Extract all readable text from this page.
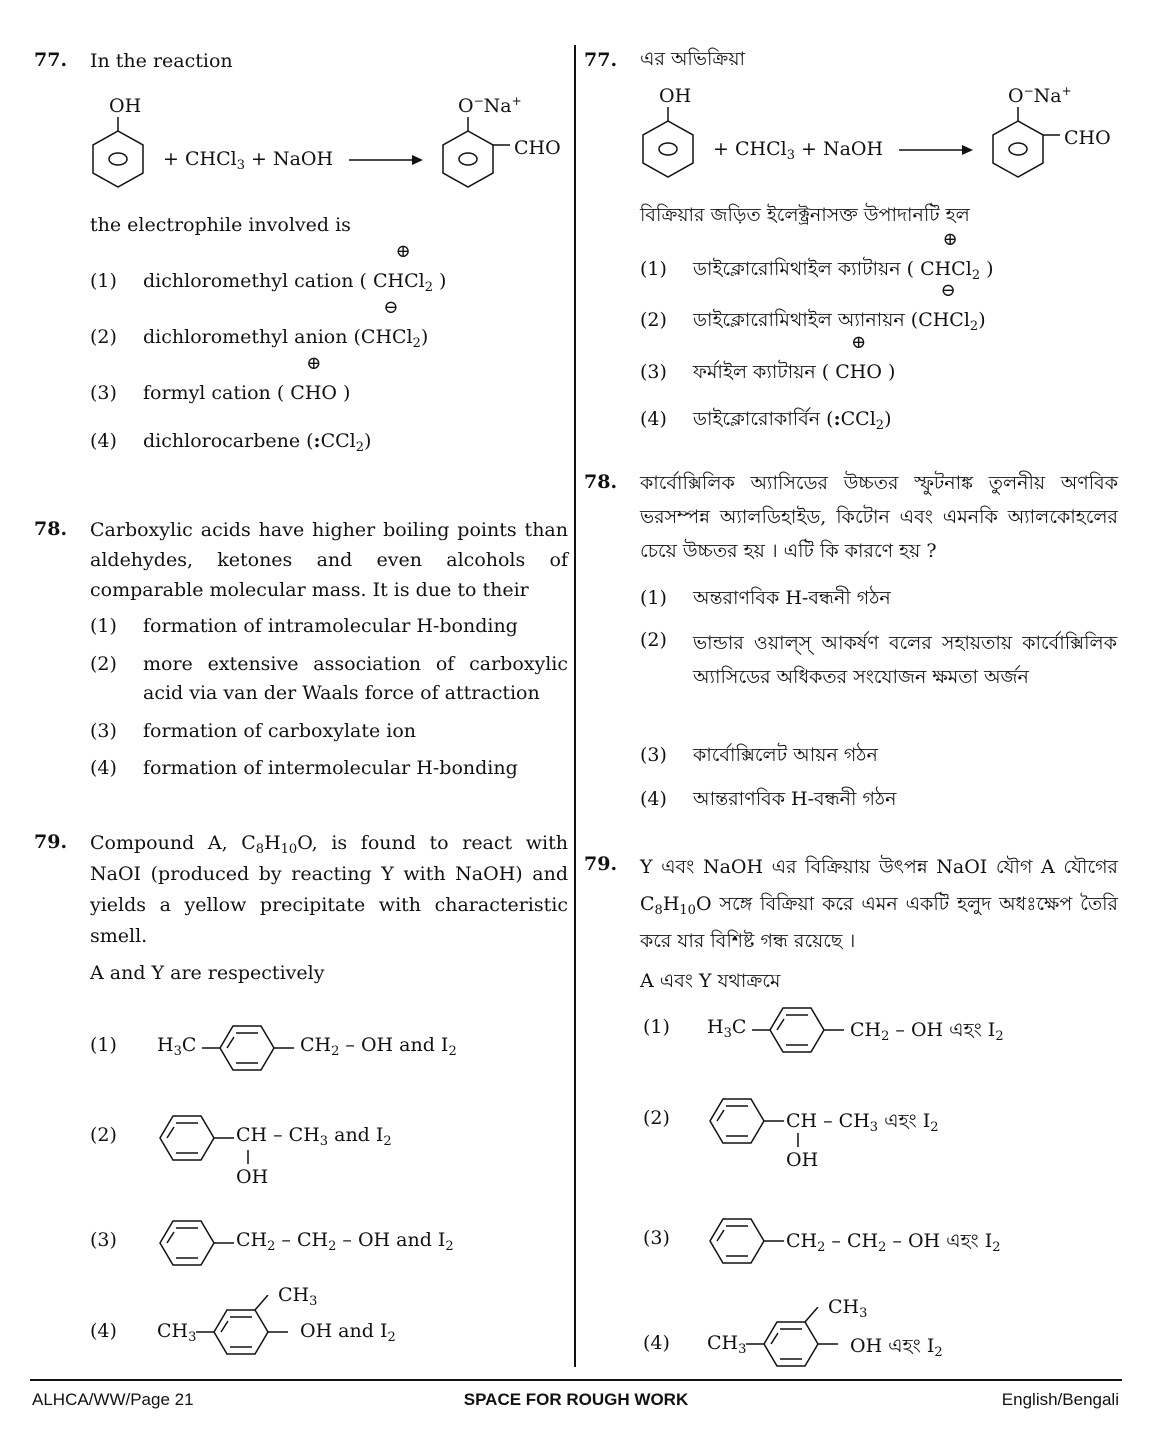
77. In the reaction
OH
+ CHCl$_3$ + NaOH
O−Na+
CHO
the electrophile involved is
(1)	dichloromethyl cation (
⊕
CHCl$_2$ )
(2)	dichloromethyl anion (
⊖
CHCl$_2$)
(3)	formyl cation (
⊕
CHO )
(4)	dichlorocarbene (:CCl$_2$)
78. Carboxylic acids have higher boiling points than aldehydes, ketones and even alcohols of comparable molecular mass. It is due to their
(1)	formation of intramolecular H-bonding
(2)	more extensive association of carboxylic acid via van der Waals force of attraction
(3)	formation of carboxylate ion
(4)	formation of intermolecular H-bonding
79. Compound A, $C_8H_{10}O$, is found to react with NaOI (produced by reacting Y with NaOH) and yields a yellow precipitate with characteristic smell.
A and Y are respectively
(1) $H_3C$	$CH_2$ – OH and $I_2$
(2)	CH – $CH_3$ and $I_2$
OH
(3)	$CH_2 - CH_2$ – OH and $I_2$
(4) $CH_3$
$CH_3$
OH and $I_2$
77. এর অভিক্রিয়া
OH
+ CHCl$_3$ + NaOH
O−Na+
CHO
বিক্রিয়ার জড়িত ইলেক্ট্রনাসক্ত উপাদানটি হল
(1)	ডাইক্লোরোমিথাইল ক্যাটায়ন (
⊕
CHCl$_2$ )
(2)	ডাইক্লোরোমিথাইল অ্যানায়ন (
⊖
CHCl$_2$)
(3)	ফর্মাইল ক্যাটায়ন (
⊕
CHO )
(4)	ডাইক্লোরোকার্বিন (:CCl$_2$)
78. কার্বোক্সিলিক অ্যাসিডের উচ্চতর স্ফুটনাঙ্ক তুলনীয় অণবিক ভরসম্পন্ন অ্যালডিহাইড, কিটোন এবং এমনকি অ্যালকোহলের চেয়ে উচ্চতর হয় । এটি কি কারণে হয় ?
(1)	অন্তরাণবিক H-বন্ধনী গঠন
(2)	ভান্ডার ওয়াল্স্ আকর্ষণ বলের সহায়তায় কার্বোক্সিলিক অ্যাসিডের অধিকতর সংযোজন ক্ষমতা অর্জন
(3)	কার্বোক্সিলেট আয়ন গঠন
(4)	আন্তরাণবিক H-বন্ধনী গঠন
79. Y এবং NaOH এর বিক্রিয়ায় উৎপন্ন NaOI যৌগ A যৌগের $C_8H_{10}O$ সঙ্গে বিক্রিয়া করে এমন একটি হলুদ অধঃক্ষেপ তৈরি করে যার বিশিষ্ট গন্ধ রয়েছে ।
A এবং Y যথাক্রমে
(1) $H_3C$	$CH_2$ – OH এহং $I_2$
(2)	CH – $CH_3$ এহং $I_2$
OH
(3)	$CH_2 - CH_2$ – OH এহং $I_2$
(4) $CH_3$
$CH_3$
OH এহং $I_2$
ALHCA/WW/Page 21	SPACE FOR ROUGH WORK	English/Bengali
